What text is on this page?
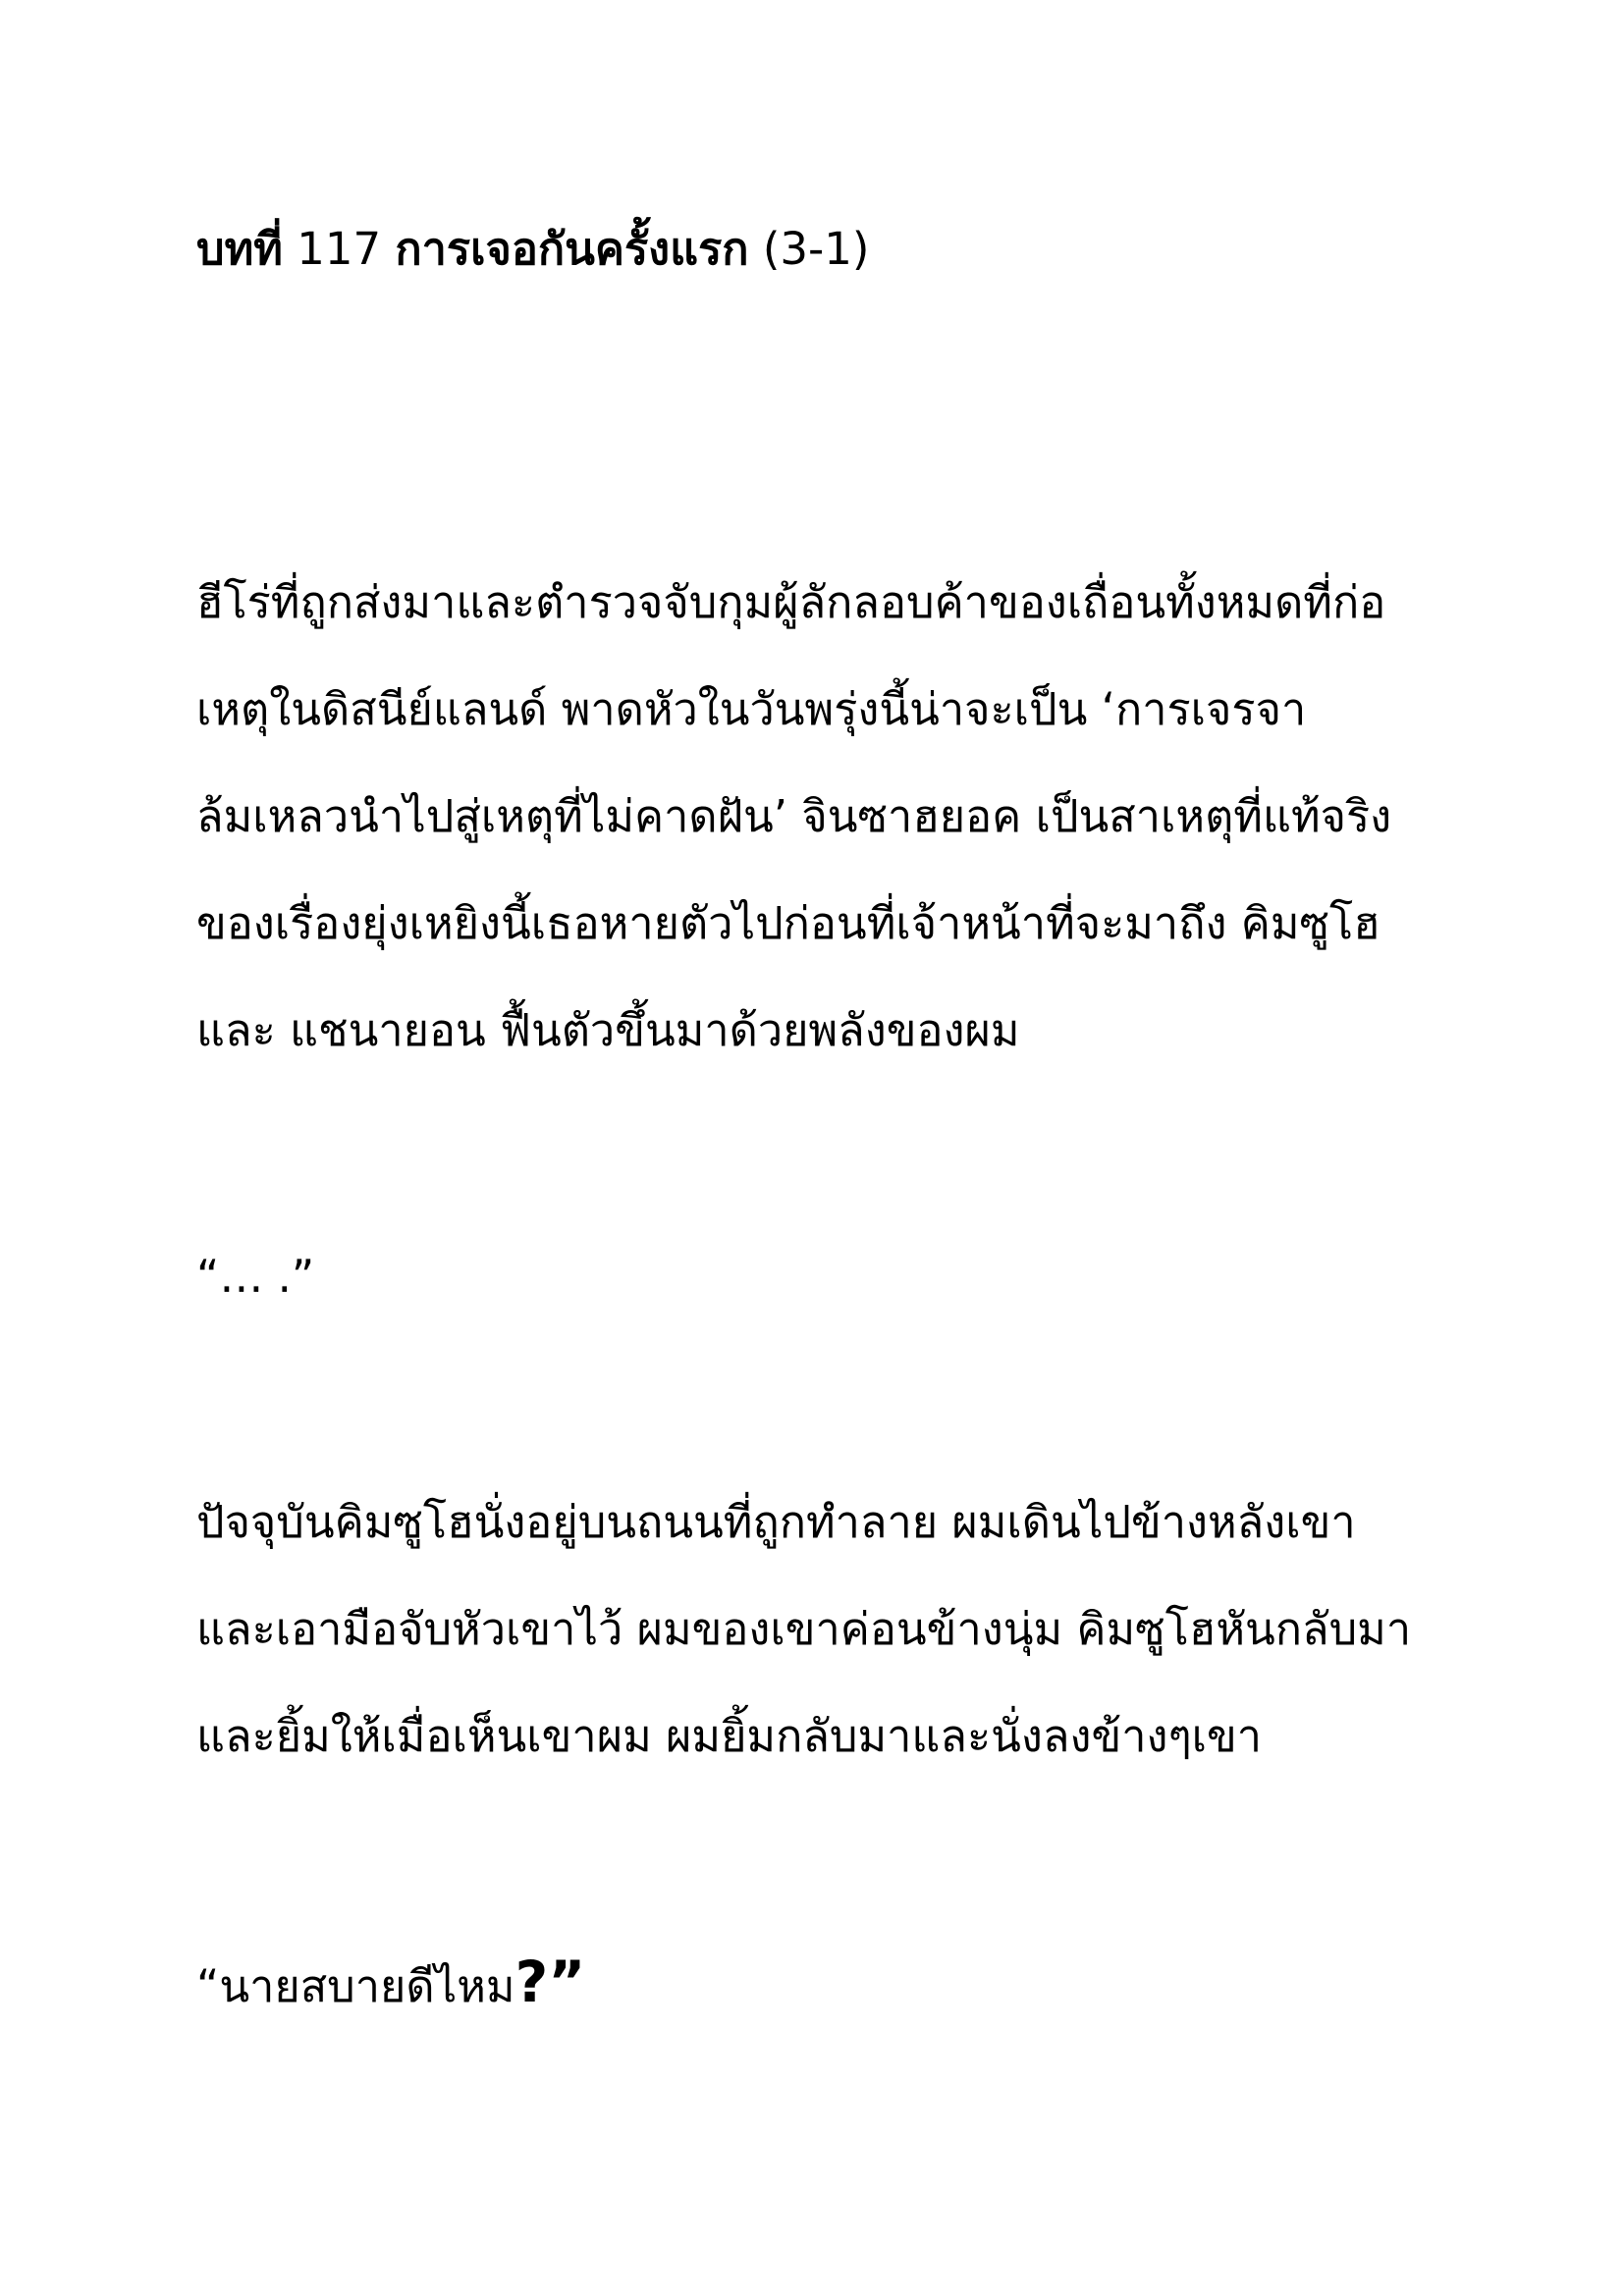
บทที่ 117 การเจอกันครั้งแรก (3-1)
ฮีโร่ที่ถูกส่งมาและตำรวจจับกุมผู้ลักลอบค้าของเถื่อนทั้งหมดที่ก่อ
เหตุในดิสนีย์แลนด์ พาดหัวในวันพรุ่งนี้น่าจะเป็น ‘การเจรจา
ล้มเหลวนำไปสู่เหตุที่ไม่คาดฝัน’ จินซาฮยอค เป็นสาเหตุที่แท้จริง
ของเรื่องยุ่งเหยิงนี้เธอหายตัวไปก่อนที่เจ้าหน้าที่จะมาถึง คิมซูโฮ
และ แชนายอน ฟื้นตัวขึ้นมาด้วยพลังของผม
“… .”
ปัจจุบันคิมซูโฮนั่งอยู่บนถนนที่ถูกทำลาย ผมเดินไปข้างหลังเขา
และเอามือจับหัวเขาไว้ ผมของเขาค่อนข้างนุ่ม คิมซูโฮหันกลับมา
และยิ้มให้เมื่อเห็นเขาผม ผมยิ้มกลับมาและนั่งลงข้างๆเขา
“นายสบายดีไหม?”
